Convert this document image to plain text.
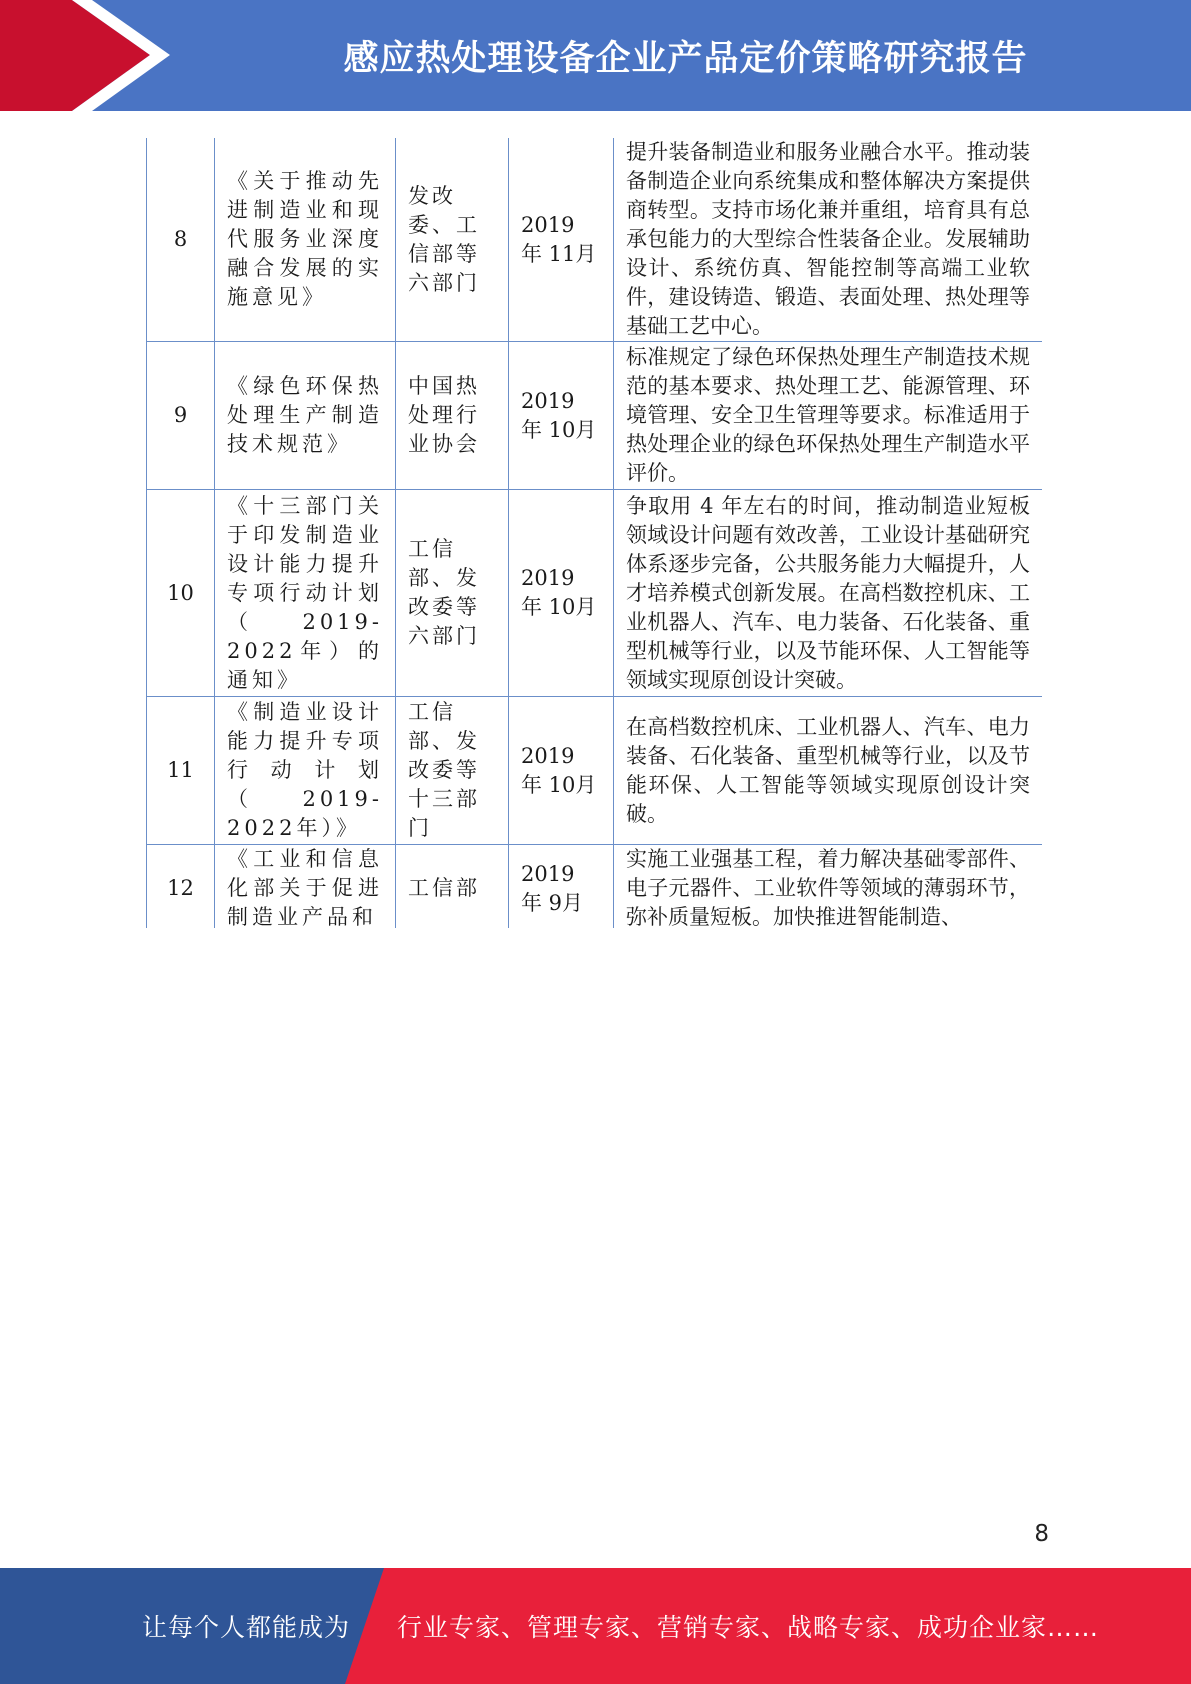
感应热处理设备企业产品定价策略研究报告
8	《关于推动先进制造业和现代服务业深度融合发展的实施意见》	发改委、工信部等六部门	2019 年 11月	提升装备制造业和服务业融合水平。推动装备制造企业向系统集成和整体解决方案提供商转型。支持市场化兼并重组，培育具有总承包能力的大型综合性装备企业。发展辅助设计、系统仿真、智能控制等高端工业软件，建设铸造、锻造、表面处理、热处理等基础工艺中心。
9	《绿色环保热处理生产制造技术规范》	中国热处理行业协会	2019 年 10月	标准规定了绿色环保热处理生产制造技术规范的基本要求、热处理工艺、能源管理、环境管理、安全卫生管理等要求。标准适用于热处理企业的绿色环保热处理生产制造水平评价。
10	《十三部门关于印发制造业设计能力提升专项行动计划（2019-2022年）的通知》	工信部、发改委等六部门	2019 年 10月	争取用 4 年左右的时间，推动制造业短板领域设计问题有效改善，工业设计基础研究体系逐步完备，公共服务能力大幅提升，人才培养模式创新发展。在高档数控机床、工业机器人、汽车、电力装备、石化装备、重型机械等行业，以及节能环保、人工智能等领域实现原创设计突破。
11	《制造业设计能力提升专项行动计划（2019-2022年）》	工信部、发改委等十三部门	2019 年 10月	在高档数控机床、工业机器人、汽车、电力装备、石化装备、重型机械等行业，以及节能环保、人工智能等领域实现原创设计突破。
12	《工业和信息化部关于促进制造业产品和	工信部	2019 年 9月	实施工业强基工程，着力解决基础零部件、电子元器件、工业软件等领域的薄弱环节，弥补质量短板。加快推进智能制造、
8
让每个人都能成为 行业专家、管理专家、营销专家、战略专家、成功企业家……
